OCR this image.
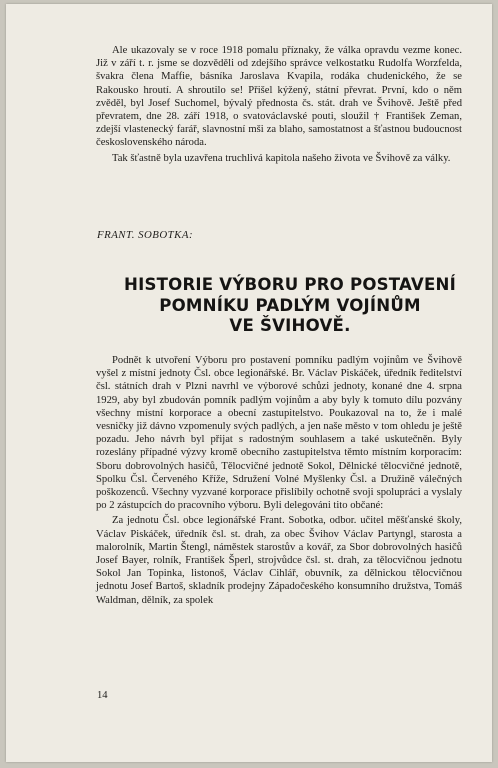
Ale ukazovaly se v roce 1918 pomalu příznaky, že válka opravdu vezme konec. Již v září t. r. jsme se dozvěděli od zdejšího správce velkostatku Rudolfa Worzfelda, švakra člena Maffie, básníka Jaroslava Kvapila, rodáka chudenického, že se Rakousko hroutí. A shroutilo se! Přišel kýžený, státní převrat. První, kdo o něm zvěděl, byl Josef Suchomel, bývalý přednosta čs. stát. drah ve Švihově. Ještě před převratem, dne 28. září 1918, o svatováclavské pouti, sloužil † František Zeman, zdejší vlastenecký farář, slavnostní mši za blaho, samostatnost a šťastnou budoucnost československého národa.

Tak šťastně byla uzavřena truchlivá kapitola našeho života ve Švihově za války.

FRANT. SOBOTKA:
HISTORIE VÝBORU PRO POSTAVENÍ
POMNÍKU PADLÝM VOJÍNŮM
VE ŠVIHOVĚ.

Podnět k utvoření Výboru pro postavení pomníku padlým vojínům ve Švihově vyšel z místní jednoty Čsl. obce legionářské. Br. Václav Piskáček, úředník ředitelství čsl. státních drah v Plzni navrhl ve výborové schůzi jednoty, konané dne 4. srpna 1929, aby byl zbudován pomník padlým vojínům a aby byly k tomuto dílu pozvány všechny místní korporace a obecní zastupitelstvo. Poukazoval na to, že i malé vesničky již dávno vzpomenuly svých padlých, a jen naše město v tom ohledu je ještě pozadu. Jeho návrh byl přijat s radostným souhlasem a také uskutečněn. Byly rozeslány případné výzvy kromě obecního zastupitelstva těmto místním korporacím: Sboru dobrovolných hasičů, Tělocvičné jednotě Sokol, Dělnické tělocvičné jednotě, Spolku Čsl. Červeného Kříže, Sdružení Volné Myšlenky Čsl. a Družině válečných poškozenců. Všechny vyzvané korporace přislíbily ochotně svoji spolupráci a vyslaly po 2 zástupcích do pracovního výboru. Byli delegováni tito občané:

Za jednotu Čsl. obce legionářské Frant. Sobotka, odbor. učitel měšťanské školy, Václav Piskáček, úředník čsl. st. drah, za obec Švihov Václav Partyngl, starosta a malorolník, Martin Štengl, náměstek starostův a kovář, za Sbor dobrovolných hasičů Josef Bayer, rolník, František Šperl, strojvůdce čsl. st. drah, za tělocvičnou jednotu Sokol Jan Topinka, listonoš, Václav Cihlář, obuvník, za dělnickou tělocvičnou jednotu Josef Bartoš, skladník prodejny Západočeského konsumního družstva, Tomáš Waldman, dělník, za spolek

14
